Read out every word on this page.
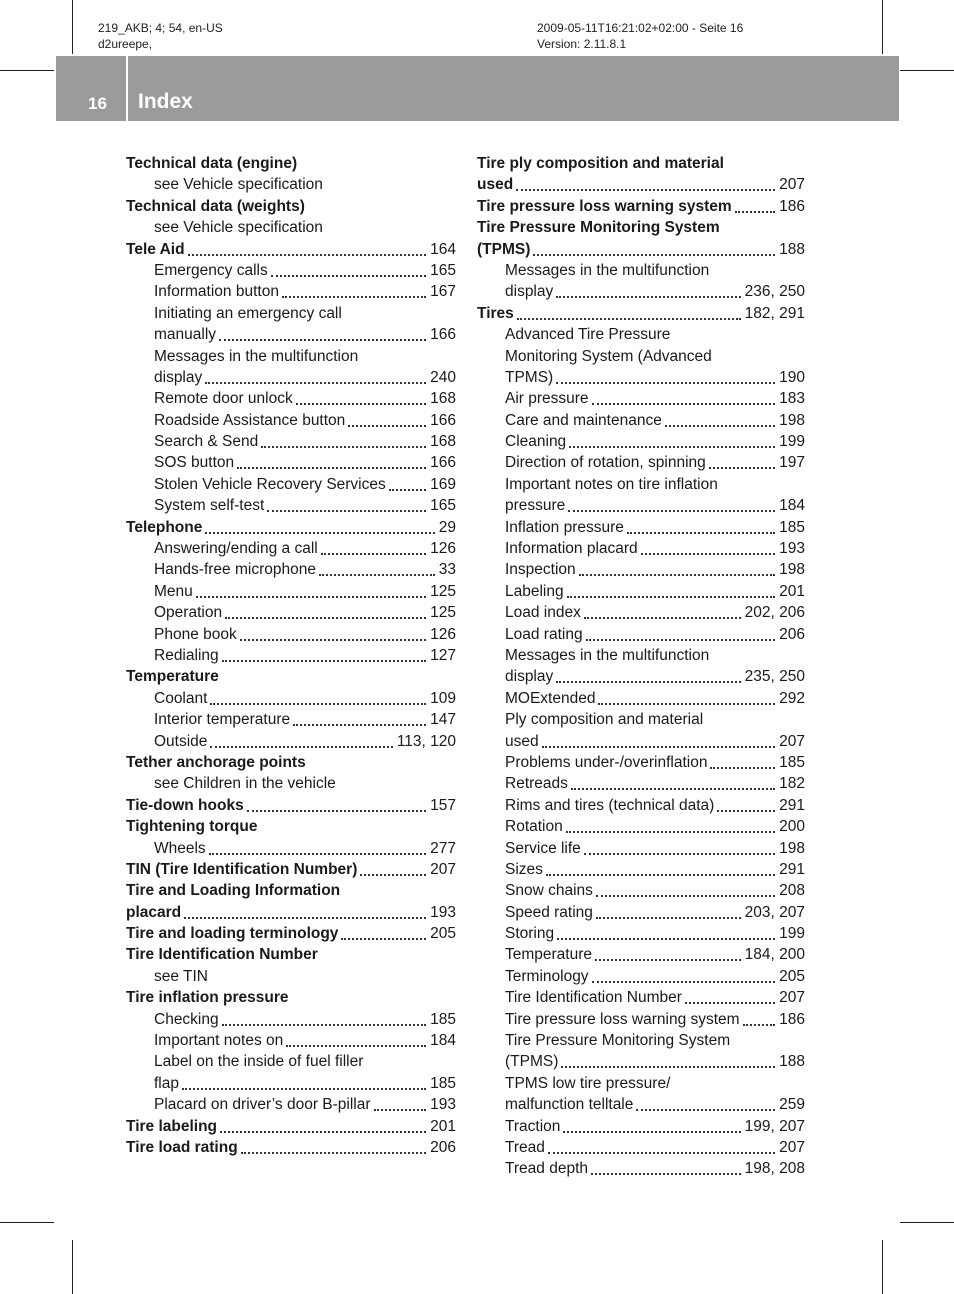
219_AKB; 4; 54, en-US
d2ureepe,
2009-05-11T16:21:02+02:00 - Seite 16
Version: 2.11.8.1
16 Index
Technical data (engine)
see Vehicle specification
Technical data (weights)
see Vehicle specification
Tele Aid	164
Emergency calls	165
Information button	167
Initiating an emergency call
manually	166
Messages in the multifunction
display	240
Remote door unlock	168
Roadside Assistance button	166
Search & Send	168
SOS button	166
Stolen Vehicle Recovery Services	169
System self-test	165
Telephone	29
Answering/ending a call	126
Hands-free microphone	33
Menu	125
Operation	125
Phone book	126
Redialing	127
Temperature
Coolant	109
Interior temperature	147
Outside	113, 120
Tether anchorage points
see Children in the vehicle
Tie-down hooks	157
Tightening torque
Wheels	277
TIN (Tire Identification Number)	207
Tire and Loading Information
placard	193
Tire and loading terminology	205
Tire Identification Number
see TIN
Tire inflation pressure
Checking	185
Important notes on	184
Label on the inside of fuel filler
flap	185
Placard on driver’s door B-pillar	193
Tire labeling	201
Tire load rating	206
Tire ply composition and material
used	207
Tire pressure loss warning system	186
Tire Pressure Monitoring System
(TPMS)	188
Messages in the multifunction
display	236, 250
Tires	182, 291
Advanced Tire Pressure
Monitoring System (Advanced
TPMS)	190
Air pressure	183
Care and maintenance	198
Cleaning	199
Direction of rotation, spinning	197
Important notes on tire inflation
pressure	184
Inflation pressure	185
Information placard	193
Inspection	198
Labeling	201
Load index	202, 206
Load rating	206
Messages in the multifunction
display	235, 250
MOExtended	292
Ply composition and material
used	207
Problems under-/overinflation	185
Retreads	182
Rims and tires (technical data)	291
Rotation	200
Service life	198
Sizes	291
Snow chains	208
Speed rating	203, 207
Storing	199
Temperature	184, 200
Terminology	205
Tire Identification Number	207
Tire pressure loss warning system	186
Tire Pressure Monitoring System
(TPMS)	188
TPMS low tire pressure/
malfunction telltale	259
Traction	199, 207
Tread	207
Tread depth	198, 208
